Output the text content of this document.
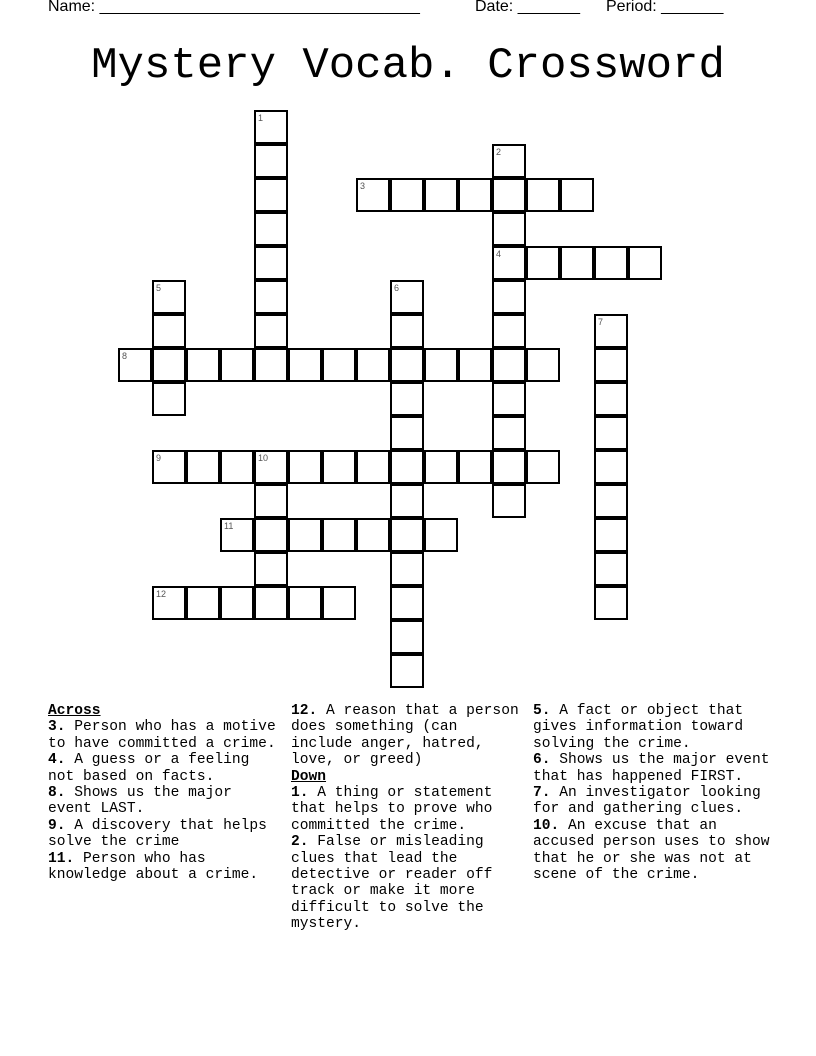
Name: ____________________________________	Date: _______ Period: _______
Mystery Vocab. Crossword
1
2
4
3
5	6
7
8
9	10
11
12
Across
3. Person who has a motive to have committed a crime.
4. A guess or a feeling not based on facts.
8. Shows us the major event LAST.
9. A discovery that helps solve the crime
11. Person who has knowledge about a crime.
12. A reason that a person does something (can include anger, hatred, love, or greed)
Down
1. A thing or statement that helps to prove who committed the crime.
2. False or misleading clues that lead the detective or reader off track or make it more difficult to solve the mystery.
5. A fact or object that gives information toward solving the crime.
6. Shows us the major event that has happened FIRST.
7. An investigator looking for and gathering clues.
10. An excuse that an accused person uses to show that he or she was not at scene of the crime.
